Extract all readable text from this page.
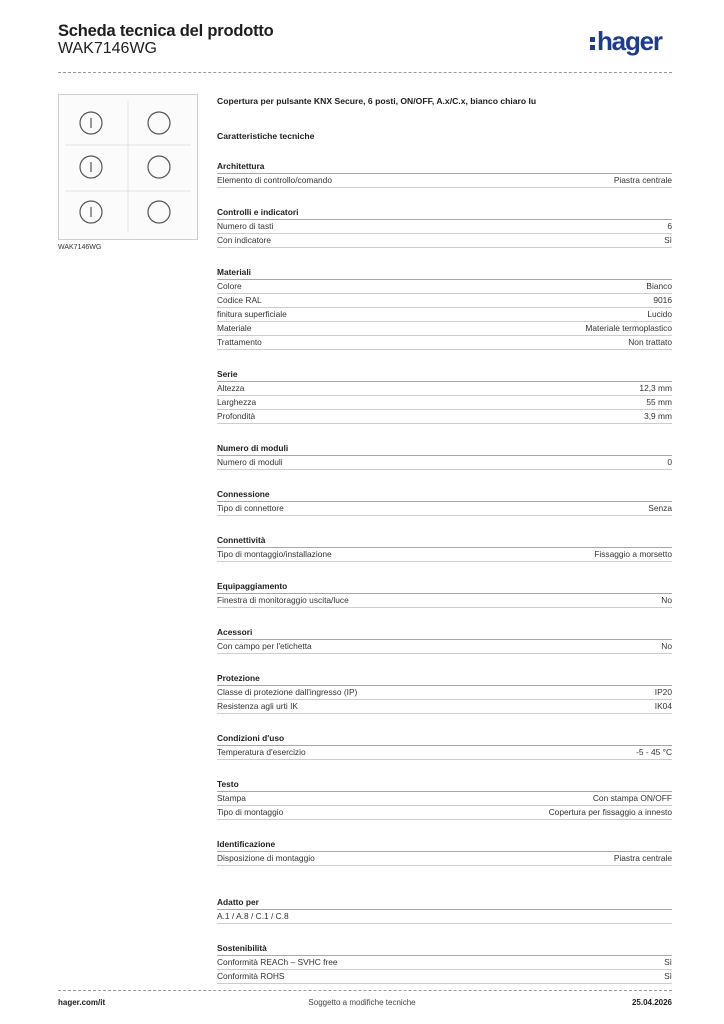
Scheda tecnica del prodotto
WAK7146WG	hager
WAK7146WG
Copertura per pulsante KNX Secure, 6 posti, ON/OFF, A.x/C.x, bianco chiaro lu
Caratteristiche tecniche
Architettura
Elemento di controllo/comando	Piastra centrale
Controlli e indicatori
Numero di tasti	6
Con indicatore	Sì
Materiali
Colore	Bianco
Codice RAL	9016
finitura superficiale	Lucido
Materiale	Materiale termoplastico
Trattamento	Non trattato
Serie
Altezza	12,3 mm
Larghezza	55 mm
Profondità	3,9 mm
Numero di moduli
Numero di moduli	0
Connessione
Tipo di connettore	Senza
Connettività
Tipo di montaggio/installazione	Fissaggio a morsetto
Equipaggiamento
Finestra di monitoraggio uscita/luce	No
Acessori
Con campo per l'etichetta	No
Protezione
Classe di protezione dall'ingresso (IP)	IP20
Resistenza agli urti IK	IK04
Condizioni d'uso
Temperatura d'esercizio	-5 - 45 °C
Testo
Stampa	Con stampa ON/OFF
Tipo di montaggio	Copertura per fissaggio a innesto
Identificazione
Disposizione di montaggio	Piastra centrale
Adatto per
A.1 / A.8 / C.1 / C.8
Sostenibilità
Conformità REACh – SVHC free	Sì
Conformità ROHS	Sì
hager.com/it	Soggetto a modifiche tecniche	25.04.2026
